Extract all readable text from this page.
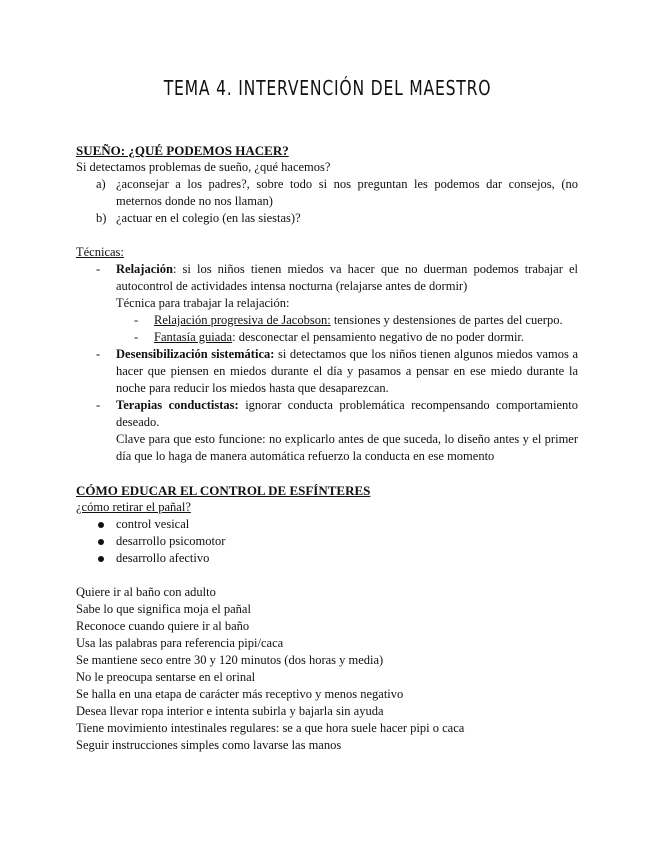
TEMA 4. INTERVENCIÓN DEL MAESTRO
SUEÑO: ¿QUÉ PODEMOS HACER?
Si detectamos problemas de sueño, ¿qué hacemos?
a) ¿aconsejar a los padres?, sobre todo si nos preguntan les podemos dar consejos, (no meternos donde no nos llaman)
b) ¿actuar en el colegio (en las siestas)?
Técnicas:
- Relajación: si los niños tienen miedos va hacer que no duerman podemos trabajar el autocontrol de actividades intensa nocturna (relajarse antes de dormir)
Técnica para trabajar la relajación:
- Relajación progresiva de Jacobson: tensiones y destensiones de partes del cuerpo.
- Fantasía guiada: desconectar el pensamiento negativo de no poder dormir.
- Desensibilización sistemática: si detectamos que los niños tienen algunos miedos vamos a hacer que piensen en miedos durante el día y pasamos a pensar en ese miedo durante la noche para reducir los miedos hasta que desaparezcan.
- Terapias conductistas: ignorar conducta problemática recompensando comportamiento deseado.
Clave para que esto funcione: no explicarlo antes de que suceda, lo diseño antes y el primer día que lo haga de manera automática refuerzo la conducta en ese momento
CÓMO EDUCAR EL CONTROL DE ESFÍNTERES
¿cómo retirar el pañal?
control vesical
desarrollo psicomotor
desarrollo afectivo
Quiere ir al baño con adulto
Sabe lo que significa moja el pañal
Reconoce cuando quiere ir al baño
Usa las palabras para referencia pipi/caca
Se mantiene seco entre 30 y 120 minutos (dos horas y media)
No le preocupa sentarse en el orinal
Se halla en una etapa de carácter más receptivo y menos negativo
Desea llevar ropa interior e intenta subirla y bajarla sin ayuda
Tiene movimiento intestinales regulares: se a que hora suele hacer pipi o caca
Seguir instrucciones simples como lavarse las manos
